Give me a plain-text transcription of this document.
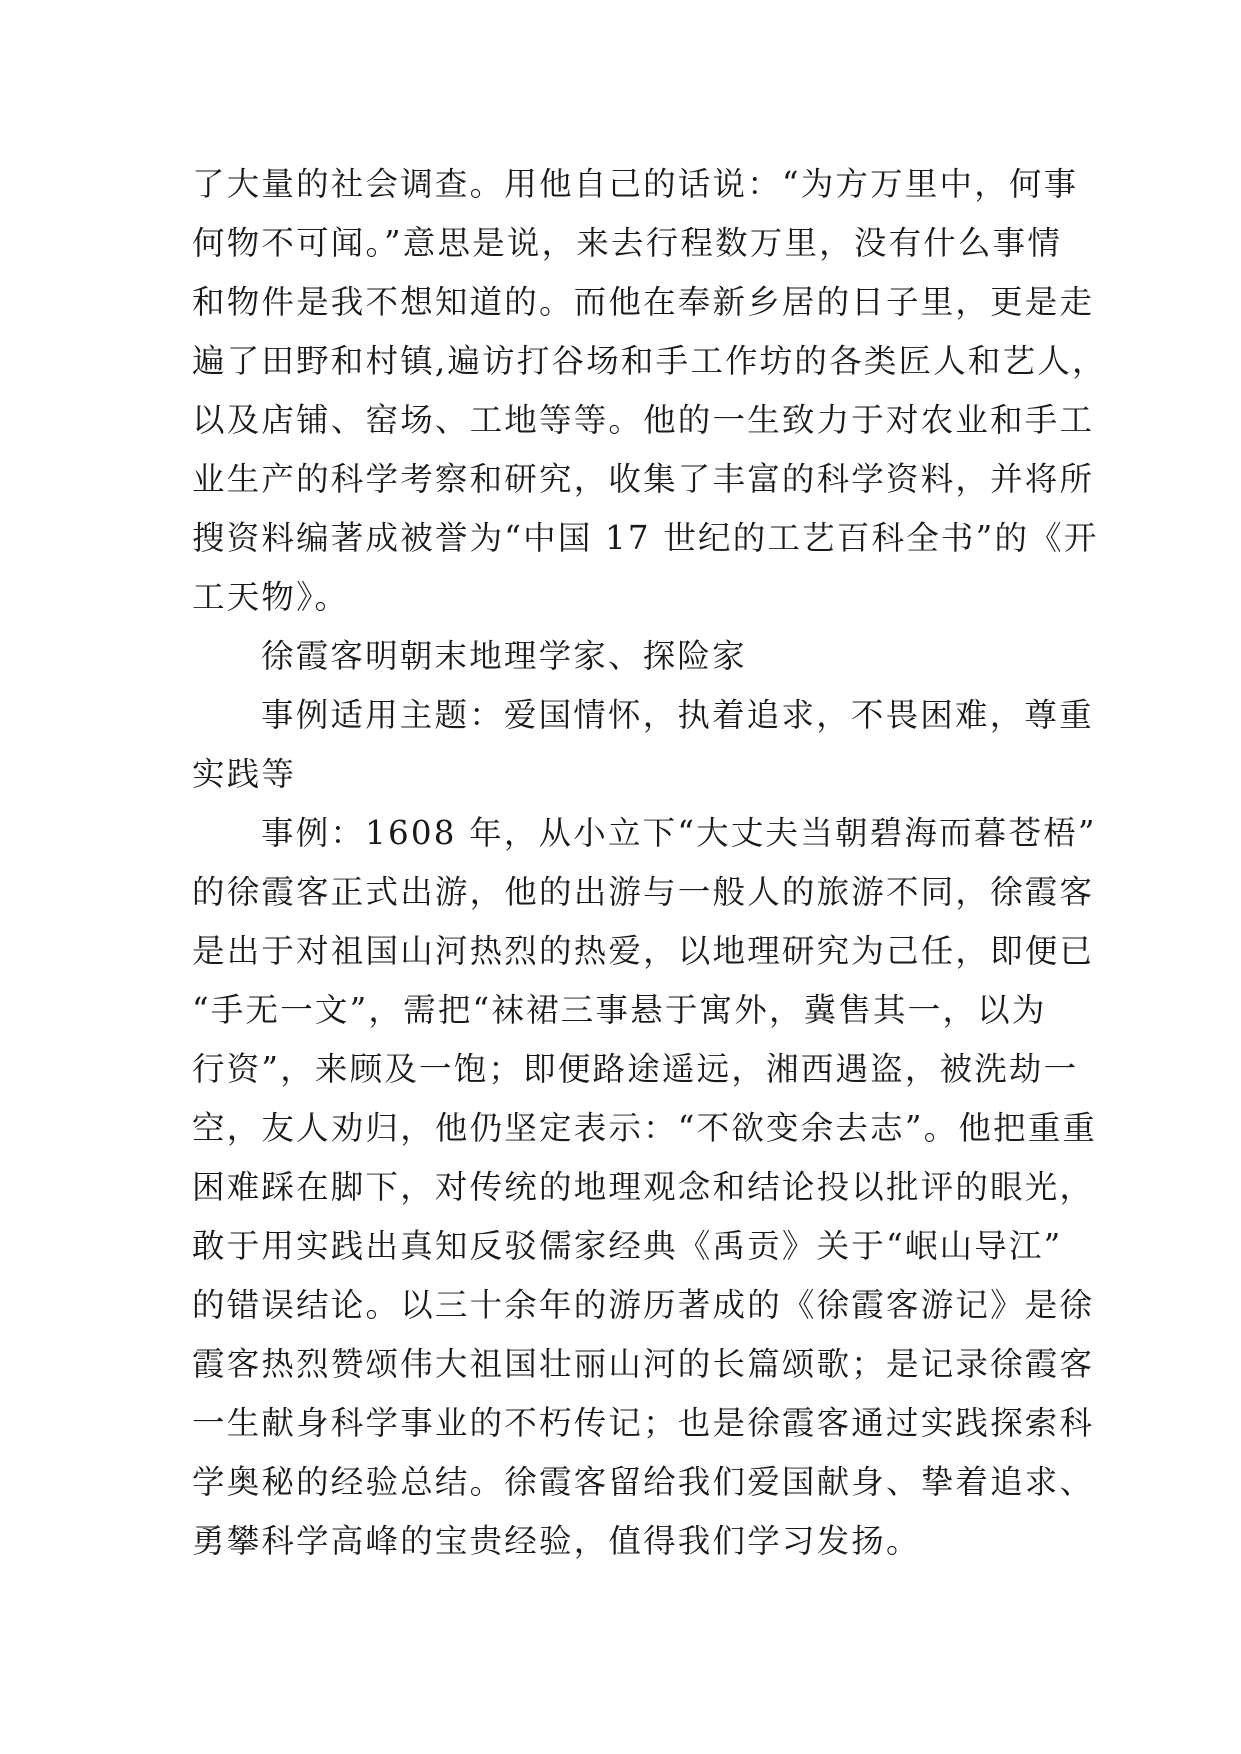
了大量的社会调查。用他自己的话说：“为方万里中，何事
何物不可闻。”意思是说，来去行程数万里，没有什么事情
和物件是我不想知道的。而他在奉新乡居的日子里，更是走
遍了田野和村镇,遍访打谷场和手工作坊的各类匠人和艺人，
以及店铺、窑场、工地等等。他的一生致力于对农业和手工
业生产的科学考察和研究，收集了丰富的科学资料，并将所
搜资料编著成被誉为“中国 17 世纪的工艺百科全书”的《开
工天物》。
徐霞客明朝末地理学家、探险家
事例适用主题：爱国情怀，执着追求，不畏困难，尊重
实践等
事例：1608 年，从小立下“大丈夫当朝碧海而暮苍梧”
的徐霞客正式出游，他的出游与一般人的旅游不同，徐霞客
是出于对祖国山河热烈的热爱，以地理研究为己任，即便已
“手无一文”，需把“袜裙三事悬于寓外，冀售其一，以为
行资”，来顾及一饱；即便路途遥远，湘西遇盗，被洗劫一
空，友人劝归，他仍坚定表示：“不欲变余去志”。他把重重
困难踩在脚下，对传统的地理观念和结论投以批评的眼光，
敢于用实践出真知反驳儒家经典《禹贡》关于“岷山导江”
的错误结论。以三十余年的游历著成的《徐霞客游记》是徐
霞客热烈赞颂伟大祖国壮丽山河的长篇颂歌；是记录徐霞客
一生献身科学事业的不朽传记；也是徐霞客通过实践探索科
学奥秘的经验总结。徐霞客留给我们爱国献身、挚着追求、
勇攀科学高峰的宝贵经验，值得我们学习发扬。
